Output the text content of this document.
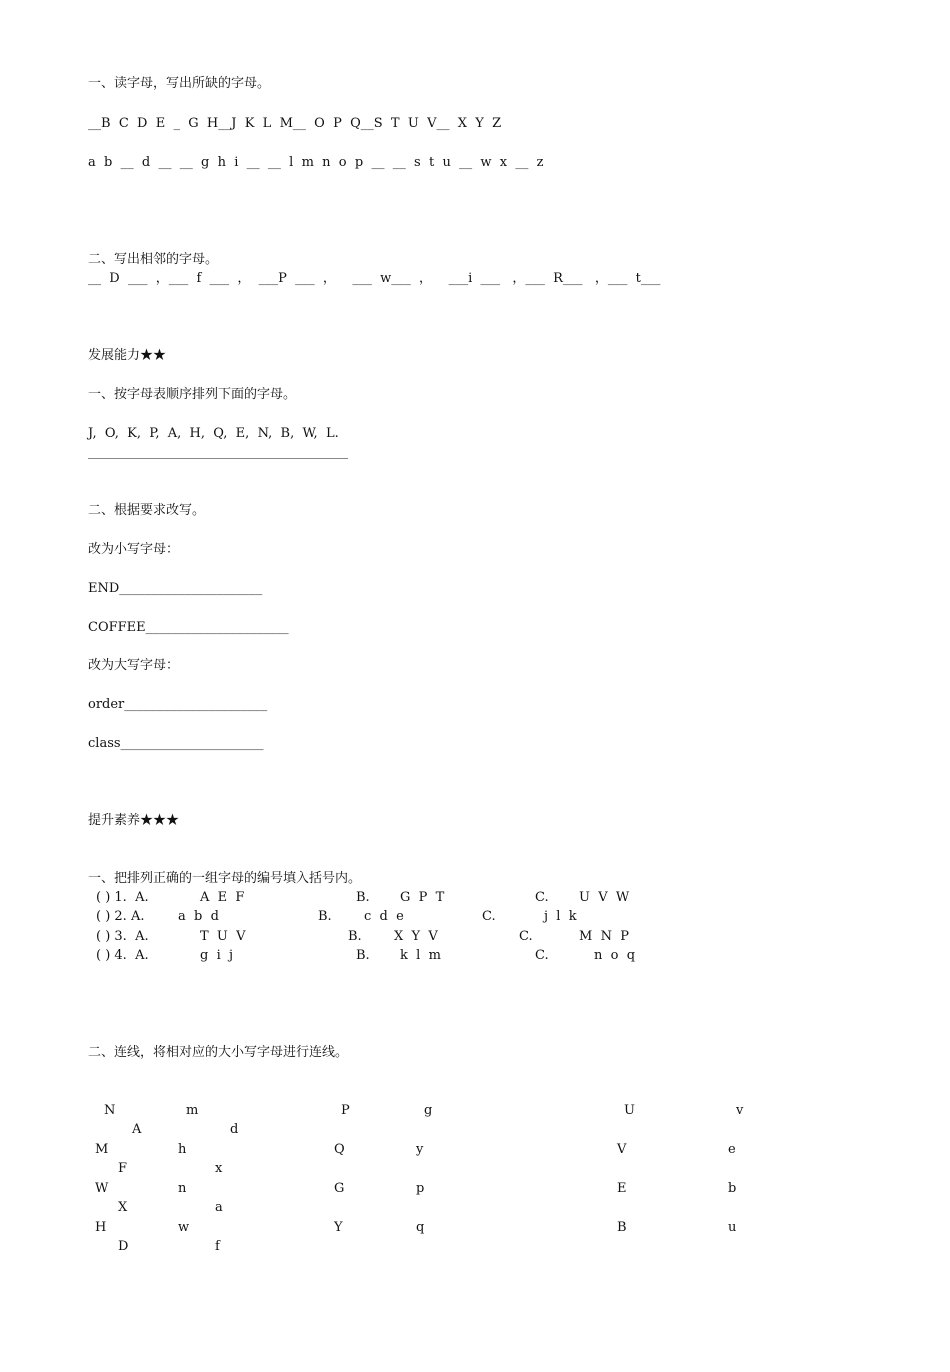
一、读字母，写出所缺的字母。
__B  C  D  E  _  G  H__J  K  L  M__  O  P  Q__S  T  U  V__  X  Y  Z
a  b  __  d  __  __  g  h  i  __  __  l  m  n  o  p  __  __  s  t  u  __  w  x  __  z
二、写出相邻的字母。
__  D  ___  ，___  f  ___  ，  ___P  ___  ，    ___  w___  ，    ___i  ___   ，___  R___   ，___  t___
发展能力★★
一、按字母表顺序排列下面的字母。
J,  O,  K,  P,  A,  H,  Q,  E,  N,  B,  W,  L.
二、根据要求改写。
改为小写字母：
END______________________
COFFEE______________________
改为大写字母：
order______________________
class______________________
提升素养★★★
一、把排列正确的一组字母的编号填入括号内。
( ) 1.  A.	A  E  F	B. G  P  T	C. U  V  W
( ) 2. A.	a  b  d	B. c  d  e	C.	j  l  k
( ) 3.  A.	T  U  V	B. X  Y  V	C.	M  N  P
( ) 4.  A.	g  i  j	B. k  l  m	C.	n  o  q
二、连线，将相对应的大小写字母进行连线。
N	m
A	d
M	h
F	x
W	n
X	a
H	w
D	f
P	g
Q	y
G	p
Y	q
U	v
V	e
E	b
B	u
